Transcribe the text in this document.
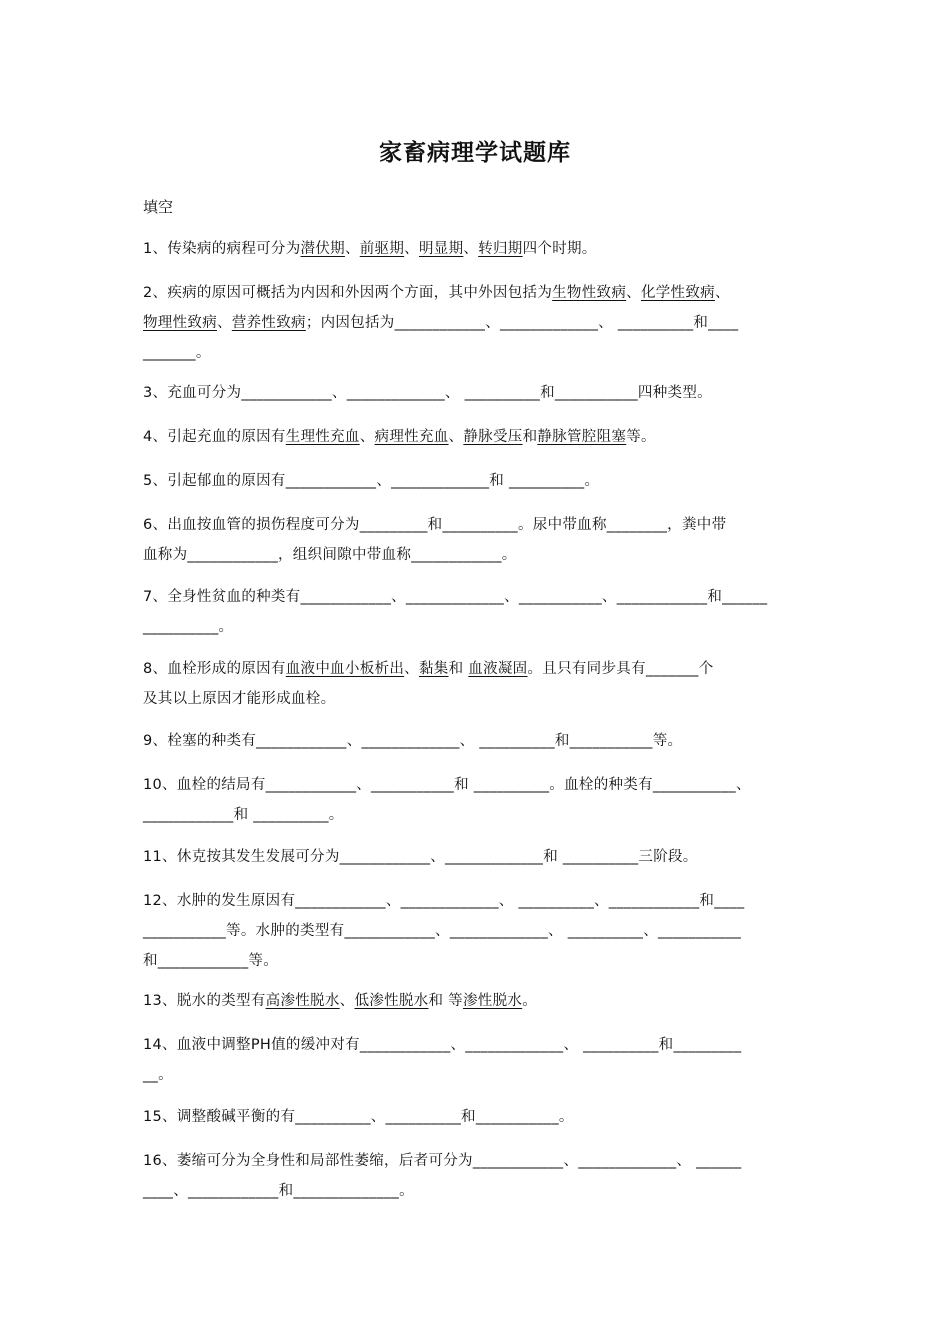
家畜病理学试题库
填空
1、传染病的病程可分为潜伏期、前驱期、明显期、转归期四个时期。
2、疾病的原因可概括为内因和外因两个方面，其中外因包括为生物性致病、化学性致病、
物理性致病、营养性致病；内因包括为____________、_____________、 __________和____
_______。
3、充血可分为____________、_____________、 __________和___________四种类型。
4、引起充血的原因有生理性充血、病理性充血、静脉受压和静脉管腔阻塞等。
5、引起郁血的原因有____________、_____________和 __________。
6、出血按血管的损伤程度可分为_________和__________。尿中带血称________，粪中带
血称为____________，组织间隙中带血称____________。
7、全身性贫血的种类有____________、_____________、___________、____________和______
__________。
8、血栓形成的原因有血液中血小板析出、黏集和 血液凝固。且只有同步具有_______个
及其以上原因才能形成血栓。
9、栓塞的种类有____________、_____________、 __________和___________等。
10、血栓的结局有____________、___________和 __________。血栓的种类有___________、
____________和 __________。
11、休克按其发生发展可分为____________、_____________和 __________三阶段。
12、水肿的发生原因有____________、_____________、 __________、____________和____
___________等。水肿的类型有____________、_____________、 __________、___________
和____________等。
13、脱水的类型有高渗性脱水、低渗性脱水和 等渗性脱水。
14、血液中调整PH值的缓冲对有____________、_____________、 __________和_________
__。
15、调整酸碱平衡的有__________、__________和___________。
16、萎缩可分为全身性和局部性萎缩，后者可分为____________、_____________、 ______
____、____________和______________。
